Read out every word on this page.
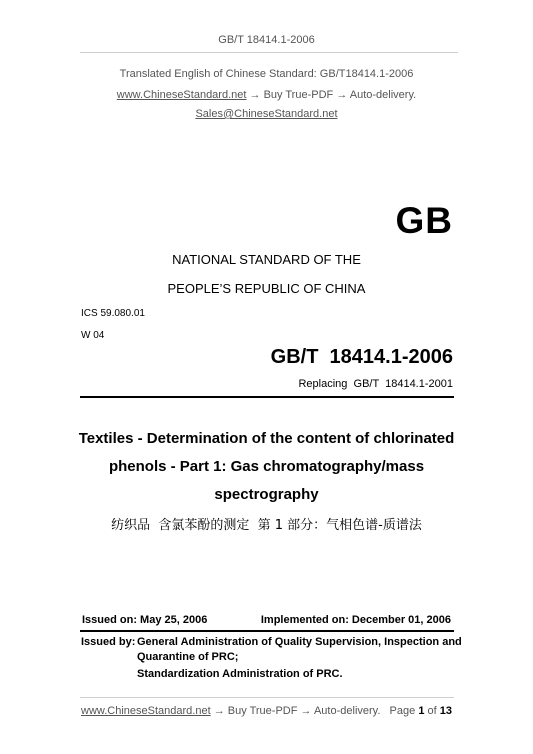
GB/T 18414.1-2006
Translated English of Chinese Standard: GB/T18414.1-2006
www.ChineseStandard.net → Buy True-PDF → Auto-delivery.
Sales@ChineseStandard.net
GB
NATIONAL STANDARD OF THE
PEOPLE’S REPUBLIC OF CHINA
ICS 59.080.01
W 04
GB/T  18414.1-2006
Replacing  GB/T  18414.1-2001
Textiles - Determination of the content of chlorinated
phenols - Part 1: Gas chromatography/mass
spectrography
纺织品  含氯苯酚的测定  第 1 部分：气相色谱-质谱法
Issued on: May 25, 2006	Implemented on: December 01, 2006
Issued by: General Administration of Quality Supervision, Inspection and
Quarantine of PRC;
Standardization Administration of PRC.
www.ChineseStandard.net → Buy True-PDF → Auto-delivery. Page 1 of 13
